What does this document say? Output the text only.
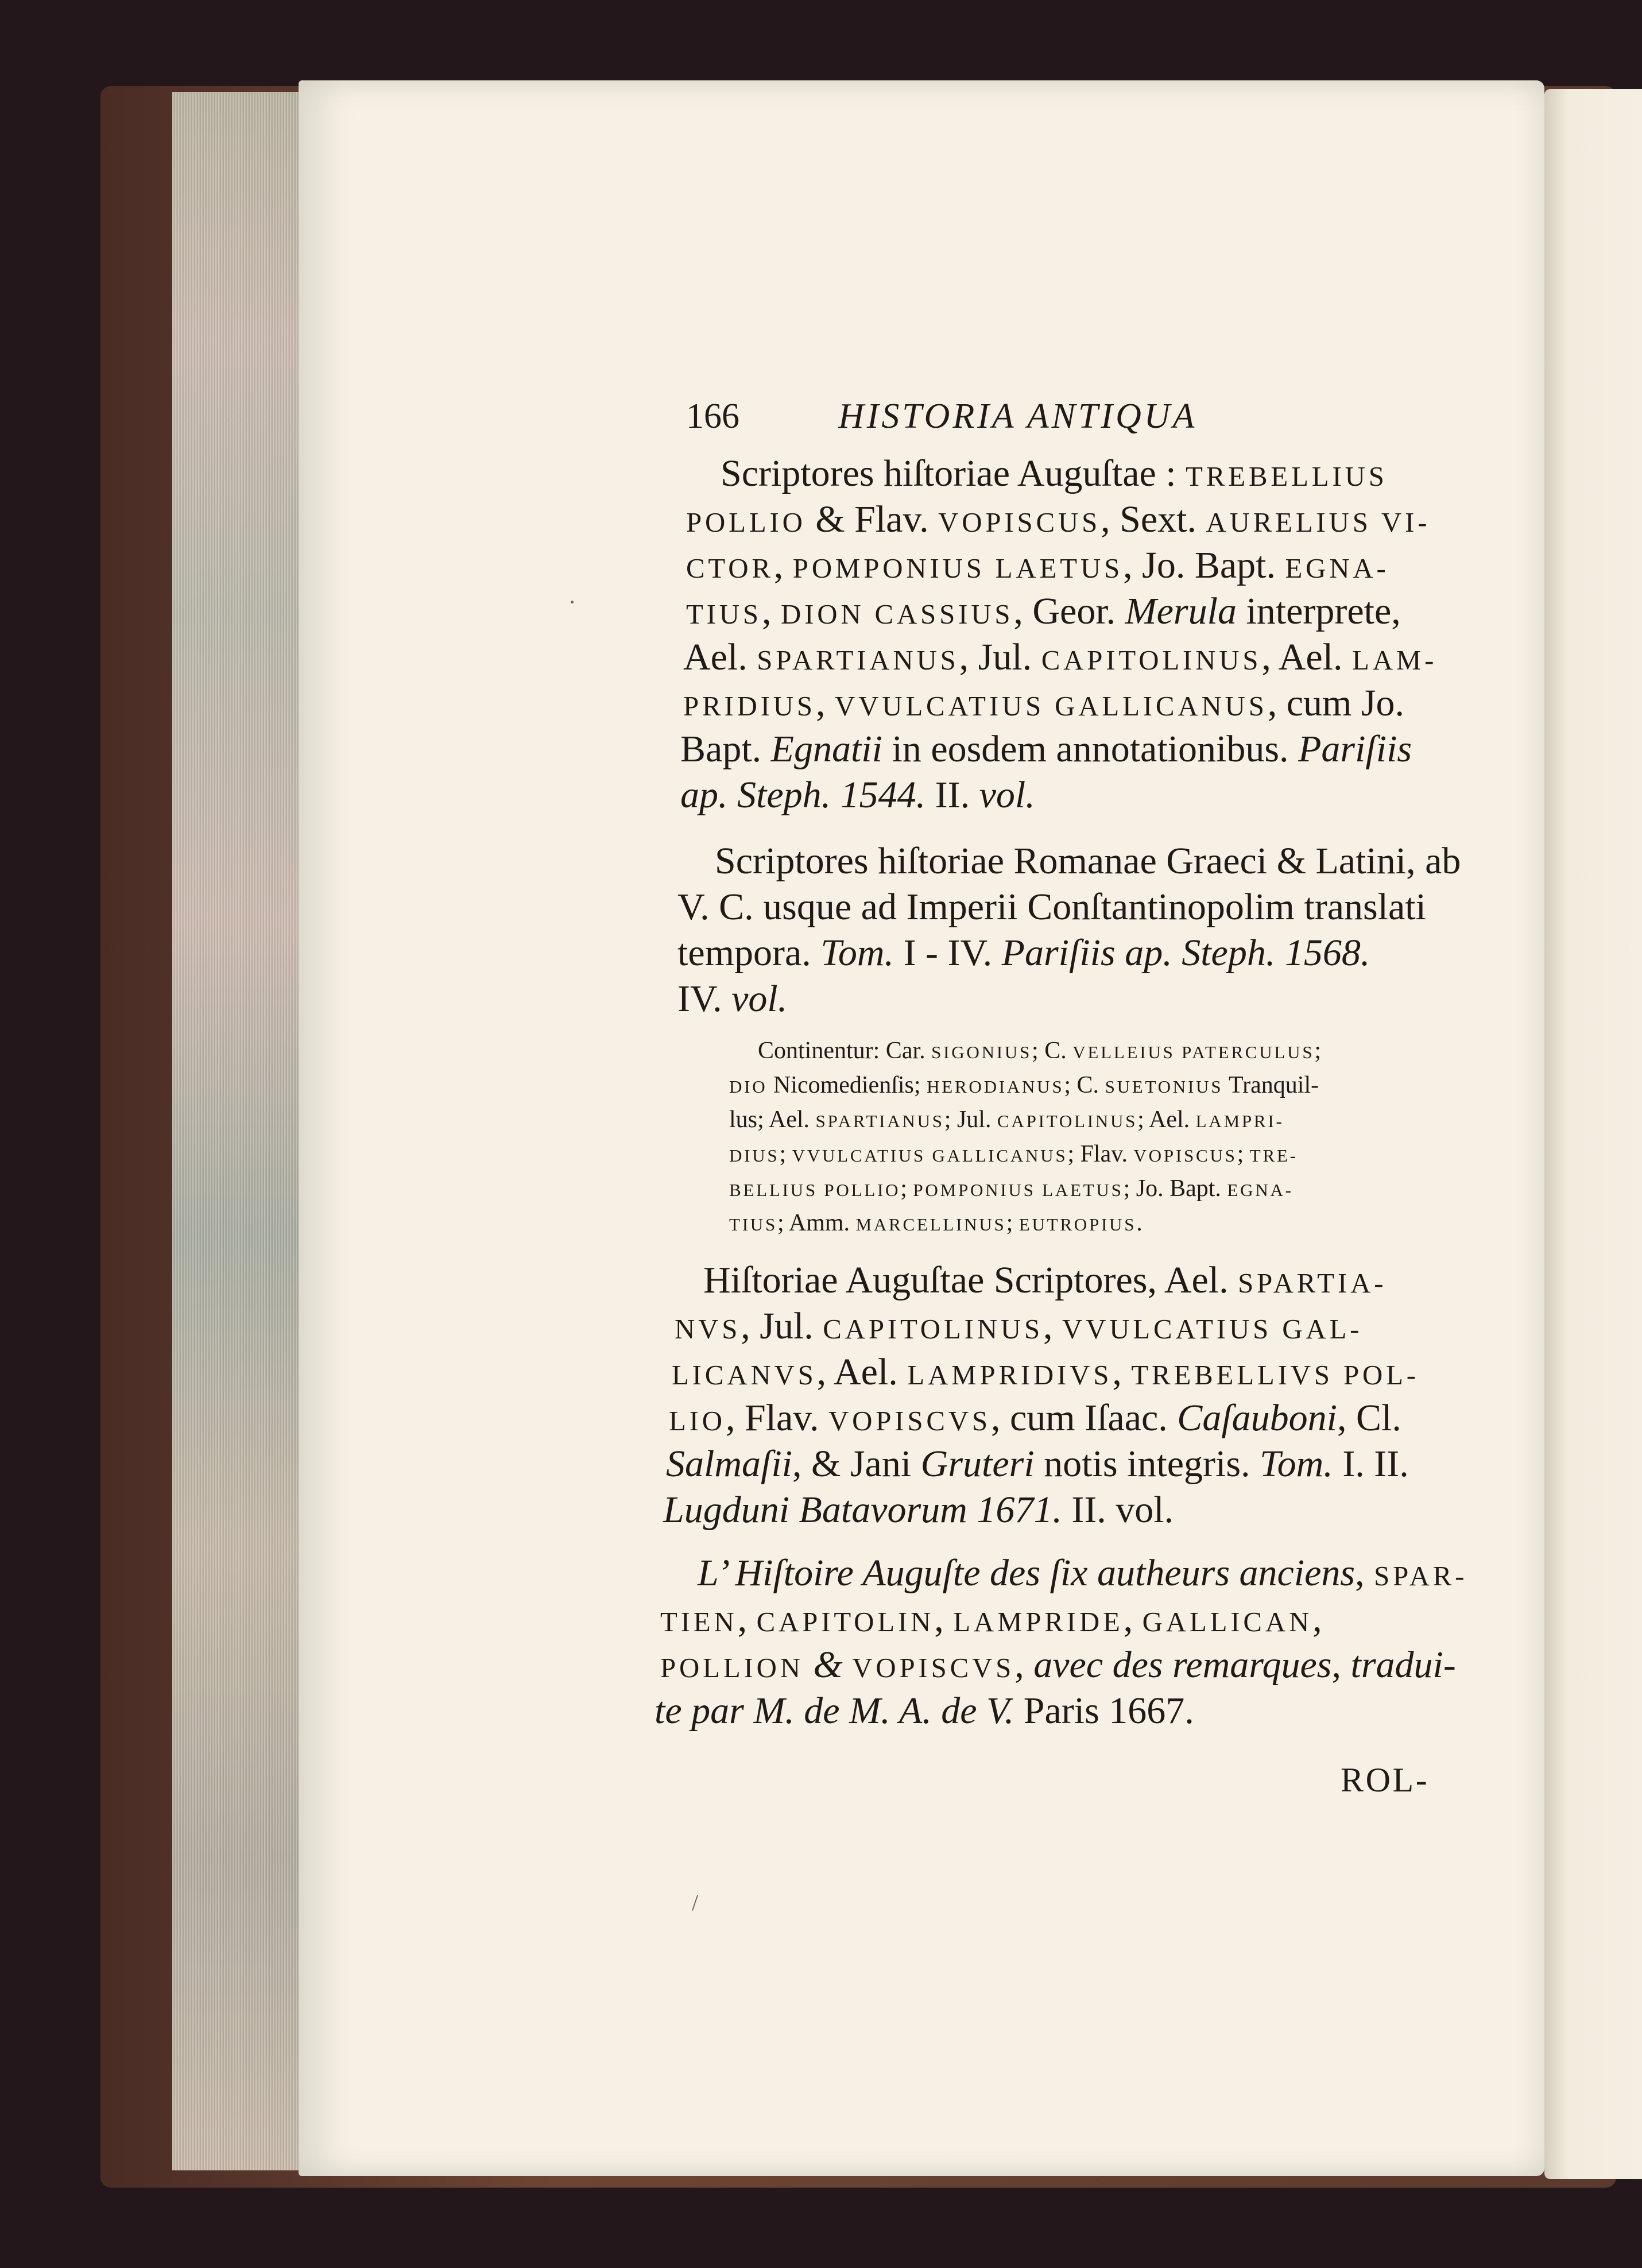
166	HISTORIA ANTIQUA
Scriptores hiſtoriae Auguſtae : TREBELLIUS
POLLIO & Flav. VOPISCUS, Sext. AURELIUS VI-
CTOR, POMPONIUS LAETUS, Jo. Bapt. EGNA-
TIUS, DION CASSIUS, Geor. Merula interprete,
Ael. SPARTIANUS, Jul. CAPITOLINUS, Ael. LAM-
PRIDIUS, VVULCATIUS GALLICANUS, cum Jo.
Bapt. Egnatii in eosdem annotationibus. Pariſiis
ap. Steph. 1544. II. vol.
Scriptores hiſtoriae Romanae Graeci & Latini, ab
V. C. usque ad Imperii Conſtantinopolim translati
tempora. Tom. I - IV. Pariſiis ap. Steph. 1568.
IV. vol.
Continentur: Car. SIGONIUS; C. VELLEIUS PATERCULUS;
DIO Nicomedienſis; HERODIANUS; C. SUETONIUS Tranquil-
lus; Ael. SPARTIANUS; Jul. CAPITOLINUS; Ael. LAMPRI-
DIUS; VVULCATIUS GALLICANUS; Flav. VOPISCUS; TRE-
BELLIUS POLLIO; POMPONIUS LAETUS; Jo. Bapt. EGNA-
TIUS; Amm. MARCELLINUS; EUTROPIUS.
Hiſtoriae Auguſtae Scriptores, Ael. SPARTIA-
NVS, Jul. CAPITOLINUS, VVULCATIUS GAL-
LICANVS, Ael. LAMPRIDIVS, TREBELLIVS POL-
LIO, Flav. VOPISCVS, cum Iſaac. Caſauboni, Cl.
Salmaſii, & Jani Gruteri notis integris. Tom. I. II.
Lugduni Batavorum 1671. II. vol.
L’ Hiſtoire Auguſte des ſix autheurs anciens, SPAR-
TIEN, CAPITOLIN, LAMPRIDE, GALLICAN,
POLLION & VOPISCVS, avec des remarques, tradui-
te par M. de M. A. de V. Paris 1667.
ROL-
·
/
